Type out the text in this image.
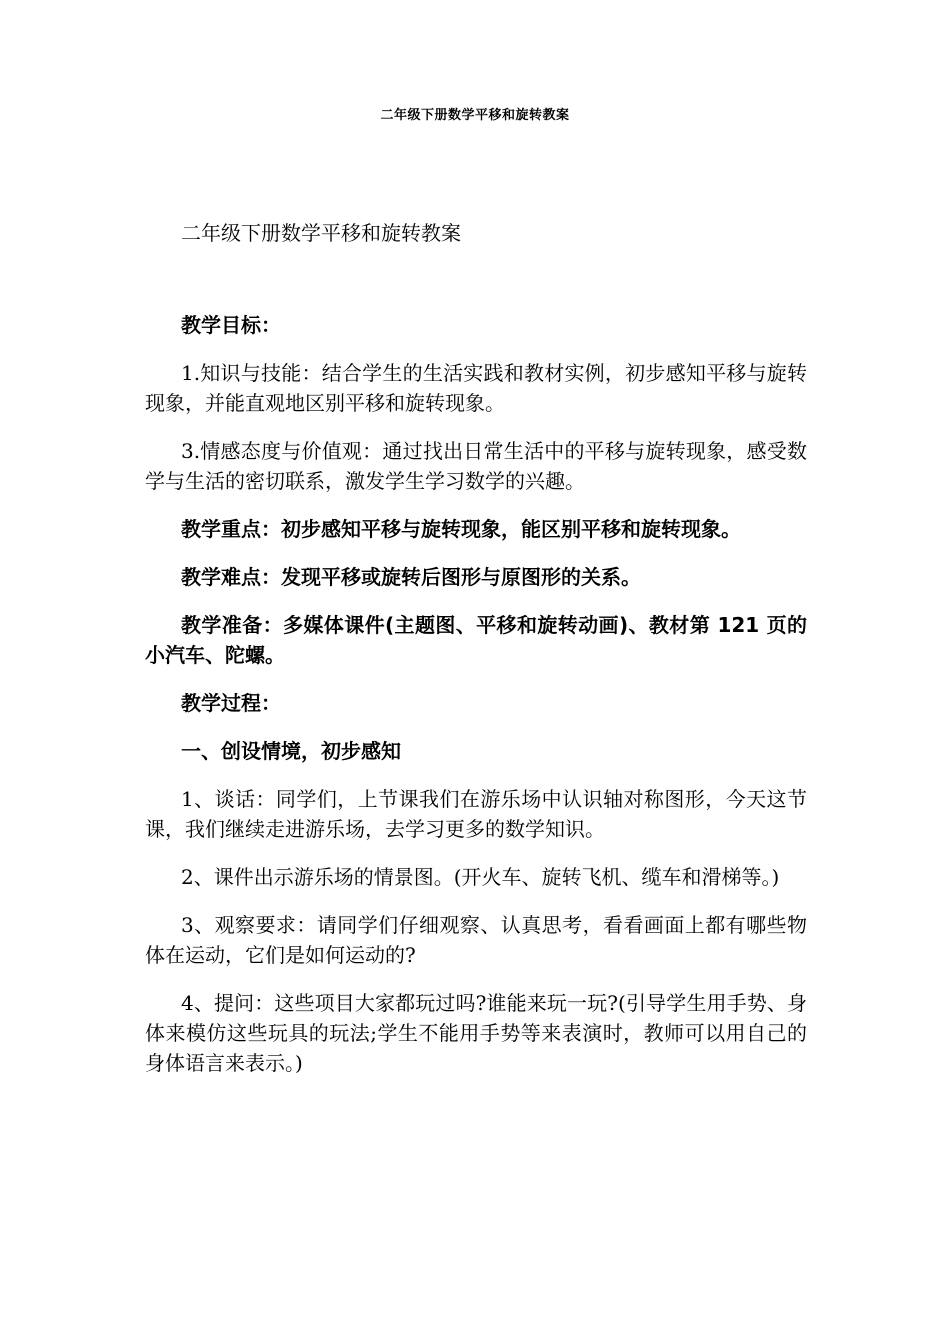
二年级下册数学平移和旋转教案

二年级下册数学平移和旋转教案

教学目标：

1.知识与技能：结合学生的生活实践和教材实例，初步感知平移与旋转现象，并能直观地区别平移和旋转现象。

3.情感态度与价值观：通过找出日常生活中的平移与旋转现象，感受数学与生活的密切联系，激发学生学习数学的兴趣。

教学重点：初步感知平移与旋转现象，能区别平移和旋转现象。

教学难点：发现平移或旋转后图形与原图形的关系。

教学准备：多媒体课件(主题图、平移和旋转动画)、教材第 121 页的小汽车、陀螺。

教学过程：

一、创设情境，初步感知

1、谈话：同学们，上节课我们在游乐场中认识轴对称图形，今天这节课，我们继续走进游乐场，去学习更多的数学知识。

2、课件出示游乐场的情景图。(开火车、旋转飞机、缆车和滑梯等。)

3、观察要求：请同学们仔细观察、认真思考，看看画面上都有哪些物体在运动，它们是如何运动的?

4、提问：这些项目大家都玩过吗?谁能来玩一玩?(引导学生用手势、身体来模仿这些玩具的玩法;学生不能用手势等来表演时，教师可以用自己的身体语言来表示。)
